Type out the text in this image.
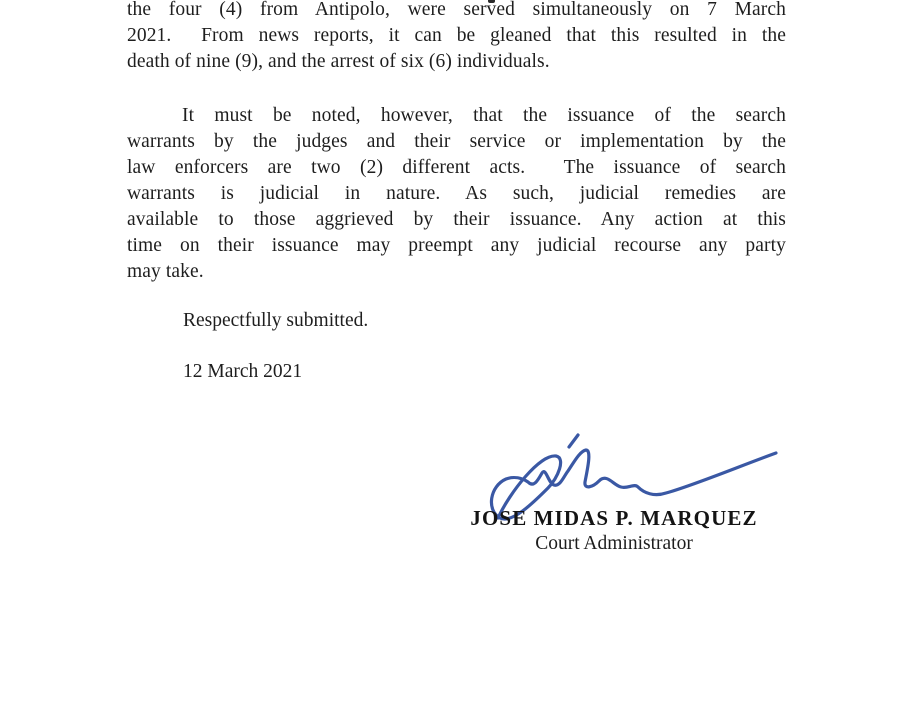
the four (4) from Antipolo, were served simultaneously on 7 March
2021.  From news reports, it can be gleaned that this resulted in the
death of nine (9), and the arrest of six (6) individuals.
It must be noted, however, that the issuance of the search
warrants by the judges and their service or implementation by the
law enforcers are two (2) different acts.  The issuance of search
warrants is judicial in nature. As such, judicial remedies are
available to those aggrieved by their issuance. Any action at this
time on their issuance may preempt any judicial recourse any party
may take.
Respectfully submitted.
12 March 2021
JOSE MIDAS P. MARQUEZ
Court Administrator
